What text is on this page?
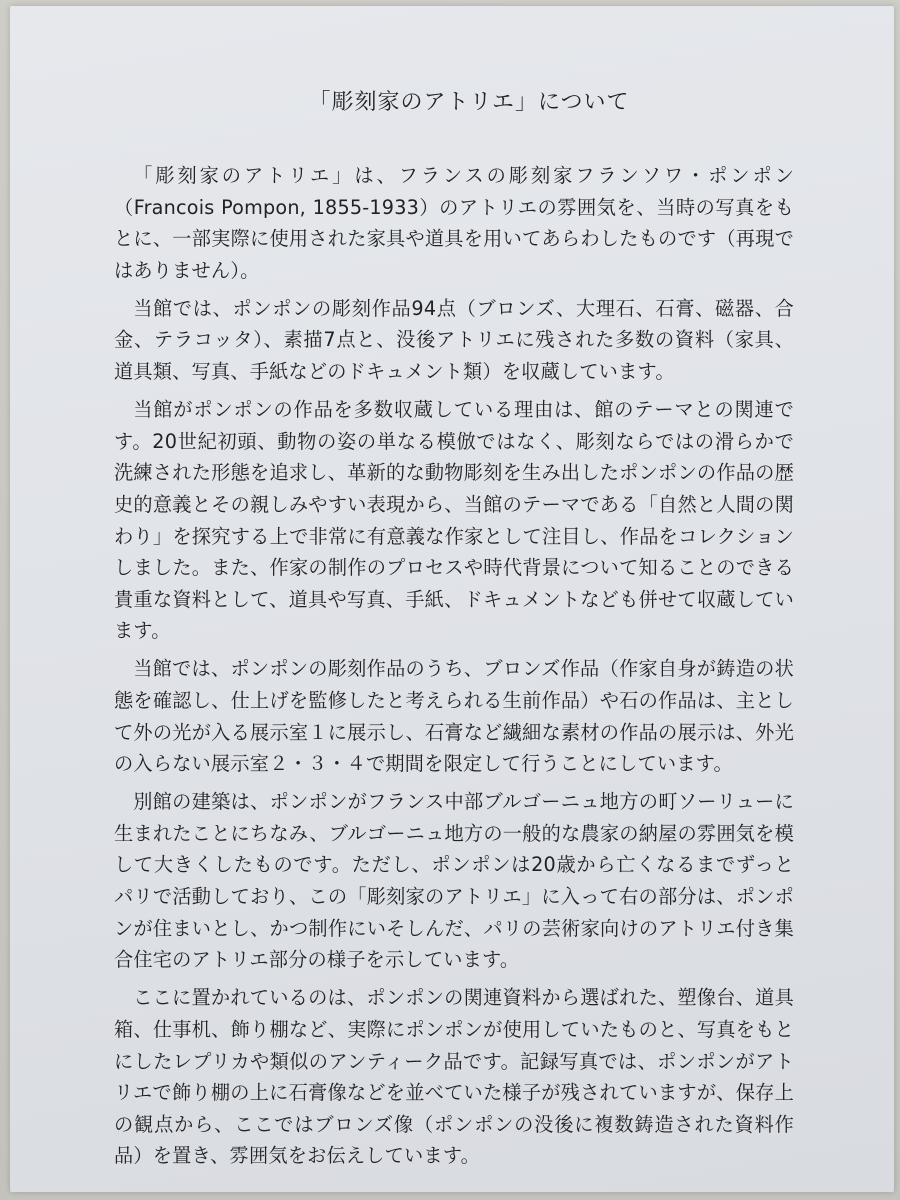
「彫刻家のアトリエ」について

「彫刻家のアトリエ」は、フランスの彫刻家フランソワ・ポンポン（Francois Pompon, 1855-1933）のアトリエの雰囲気を、当時の写真をもとに、一部実際に使用された家具や道具を用いてあらわしたものです（再現ではありません）。

当館では、ポンポンの彫刻作品94点（ブロンズ、大理石、石膏、磁器、合金、テラコッタ）、素描7点と、没後アトリエに残された多数の資料（家具、道具類、写真、手紙などのドキュメント類）を収蔵しています。

当館がポンポンの作品を多数収蔵している理由は、館のテーマとの関連です。20世紀初頭、動物の姿の単なる模倣ではなく、彫刻ならではの滑らかで洗練された形態を追求し、革新的な動物彫刻を生み出したポンポンの作品の歴史的意義とその親しみやすい表現から、当館のテーマである「自然と人間の関わり」を探究する上で非常に有意義な作家として注目し、作品をコレクションしました。また、作家の制作のプロセスや時代背景について知ることのできる貴重な資料として、道具や写真、手紙、ドキュメントなども併せて収蔵しています。

当館では、ポンポンの彫刻作品のうち、ブロンズ作品（作家自身が鋳造の状態を確認し、仕上げを監修したと考えられる生前作品）や石の作品は、主として外の光が入る展示室１に展示し、石膏など繊細な素材の作品の展示は、外光の入らない展示室２・３・４で期間を限定して行うことにしています。

別館の建築は、ポンポンがフランス中部ブルゴーニュ地方の町ソーリューに生まれたことにちなみ、ブルゴーニュ地方の一般的な農家の納屋の雰囲気を模して大きくしたものです。ただし、ポンポンは20歳から亡くなるまでずっとパリで活動しており、この「彫刻家のアトリエ」に入って右の部分は、ポンポンが住まいとし、かつ制作にいそしんだ、パリの芸術家向けのアトリエ付き集合住宅のアトリエ部分の様子を示しています。

ここに置かれているのは、ポンポンの関連資料から選ばれた、塑像台、道具箱、仕事机、飾り棚など、実際にポンポンが使用していたものと、写真をもとにしたレプリカや類似のアンティーク品です。記録写真では、ポンポンがアトリエで飾り棚の上に石膏像などを並べていた様子が残されていますが、保存上の観点から、ここではブロンズ像（ポンポンの没後に複数鋳造された資料作品）を置き、雰囲気をお伝えしています。
